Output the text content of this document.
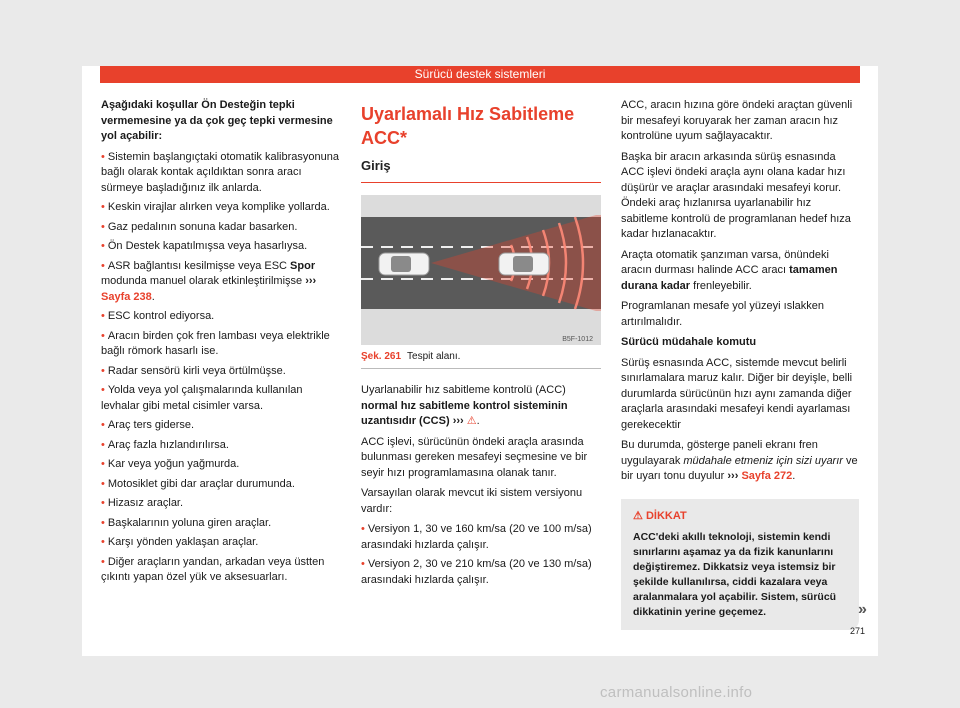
Sürücü destek sistemleri

Aşağıdaki koşullar Ön Desteğin tepki vermemesine ya da çok geç tepki vermesine yol açabilir:

• Sistemin başlangıçtaki otomatik kalibrasyonuna bağlı olarak kontak açıldıktan sonra aracı sürmeye başladığınız ilk anlarda.

• Keskin virajlar alırken veya komplike yollarda.

• Gaz pedalının sonuna kadar basarken.

• Ön Destek kapatılmışsa veya hasarlıysa.

• ASR bağlantısı kesilmişse veya ESC Spor modunda manuel olarak etkinleştirilmişse ››› Sayfa 238.

• ESC kontrol ediyorsa.

• Aracın birden çok fren lambası veya elektrikle bağlı römork hasarlı ise.

• Radar sensörü kirli veya örtülmüşse.

• Yolda veya yol çalışmalarında kullanılan levhalar gibi metal cisimler varsa.

• Araç ters giderse.

• Araç fazla hızlandırılırsa.

• Kar veya yoğun yağmurda.

• Motosiklet gibi dar araçlar durumunda.

• Hizasız araçlar.

• Başkalarının yoluna giren araçlar.

• Karşı yönden yaklaşan araçlar.

• Diğer araçların yandan, arkadan veya üstten çıkıntı yapan özel yük ve aksesuarları.

Uyarlamalı Hız Sabitleme ACC*
Giriş
B5F-1012
Şek. 261 Tespit alanı.

Uyarlanabilir hız sabitleme kontrolü (ACC) normal hız sabitleme kontrol sisteminin uzantısıdır (CCS) ››› ⚠.

ACC işlevi, sürücünün öndeki araçla arasında bulunması gereken mesafeyi seçmesine ve bir seyir hızı programlamasına olanak tanır.

Varsayılan olarak mevcut iki sistem versiyonu vardır:

• Versiyon 1, 30 ve 160 km/sa (20 ve 100 m/sa) arasındaki hızlarda çalışır.

• Versiyon 2, 30 ve 210 km/sa (20 ve 130 m/sa) arasındaki hızlarda çalışır.

ACC, aracın hızına göre öndeki araçtan güvenli bir mesafeyi koruyarak her zaman aracın hız kontrolüne uyum sağlayacaktır.

Başka bir aracın arkasında sürüş esnasında ACC işlevi öndeki araçla aynı olana kadar hızı düşürür ve araçlar arasındaki mesafeyi korur. Öndeki araç hızlanırsa uyarlanabilir hız sabitleme kontrolü de programlanan hedef hıza kadar hızlanacaktır.

Araçta otomatik şanzıman varsa, önündeki aracın durması halinde ACC aracı tamamen durana kadar frenleyebilir.

Programlanan mesafe yol yüzeyi ıslakken artırılmalıdır.

Sürücü müdahale komutu

Sürüş esnasında ACC, sistemde mevcut belirli sınırlamalara maruz kalır. Diğer bir deyişle, belli durumlarda sürücünün hızı aynı zamanda diğer araçlarla arasındaki mesafeyi kendi ayarlaması gerekecektir

Bu durumda, gösterge paneli ekranı fren uygulayarak müdahale etmeniz için sizi uyarır ve bir uyarı tonu duyulur ››› Sayfa 272.

⚠ DİKKAT
ACC'deki akıllı teknoloji, sistemin kendi sınırlarını aşamaz ya da fizik kanunlarını değiştiremez. Dikkatsiz veya istemsiz bir şekilde kullanılırsa, ciddi kazalara veya aralanmalara yol açabilir. Sistem, sürücü dikkatinin yerine geçemez.	»
271
carmanualsonline.info
